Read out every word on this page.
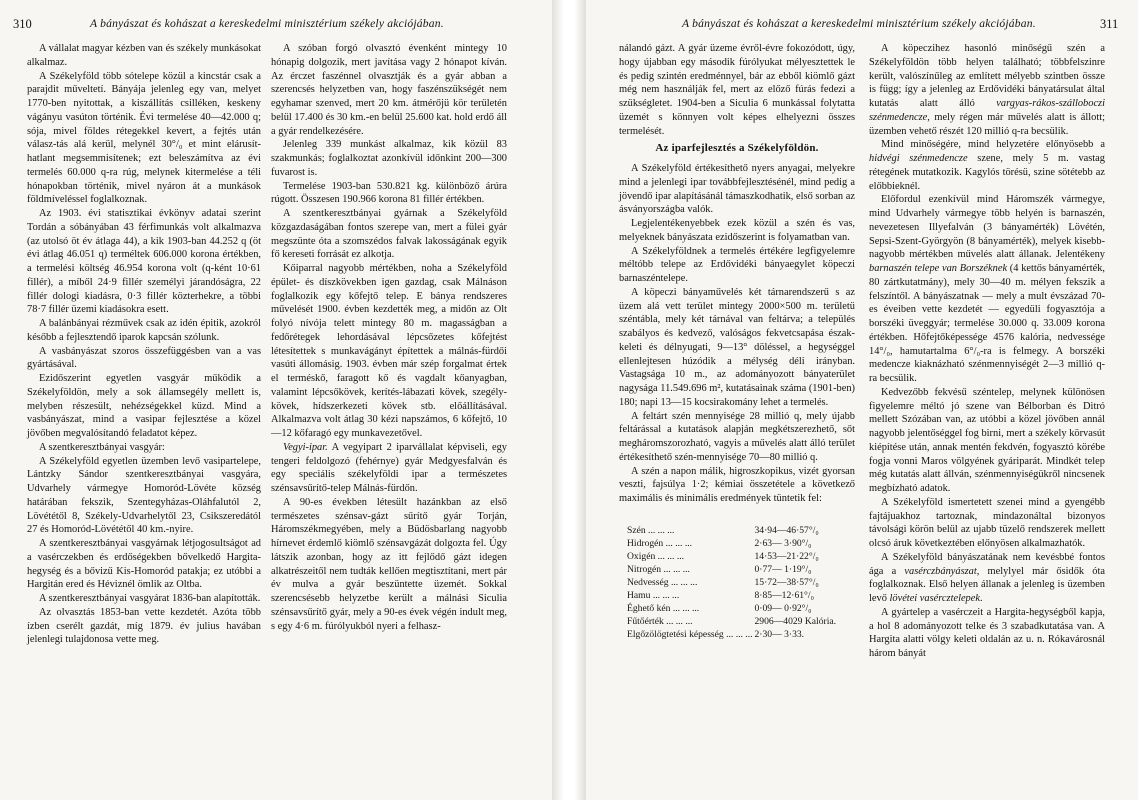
310	A bányászat és kohászat a kereskedelmi minisztérium székely akciójában.

A vállalat magyar kézben van és székely munkásokat alkalmaz.

A Székelyföld több sótelepe közül a kincstár csak a parajdit műveltetí. Bányája jelenleg egy van, melyet 1770-ben nyitottak, a kiszállítás csilléken, keskeny vágányu vasúton történik. Évi termelése 40—42.000 q; sója, mivel földes rétegekkel kevert, a fejtés után válasz-tás alá kerül, melynél 30°/₀ et mint elárusít-hatlant megsemmisítenek; ezt beleszámítva az évi termelés 60.000 q-ra rúg, melynek kitermelése a téli hónapokban történik, mivel nyáron át a munkások földmíveléssel foglalkoznak.

Az 1903. évi statisztikai évkönyv adatai szerint Tordán a sóbányában 43 férfimunkás volt alkalmazva (az utolsó öt év átlaga 44), a kik 1903-ban 44.252 q (öt évi átlag 46.051 q) terméltek 606.000 korona értékben, a termelési költség 46.954 korona volt (q-ként 10·61 fillér), a míből 24·9 fillér személyi járandóságra, 22 fillér dologi kiadásra, 0·3 fillér közterhekre, a többi 78·7 fillér üzemi kiadásokra esett.

A balánbányai rézművek csak az idén épitik, azokról később a fejlesztendő iparok kapcsán szólunk.

A vasbányászat szoros összefüggésben van a vas gyártásával.

Ezidőszerint egyetlen vasgyár működik a Székelyföldön, mely a sok államsegély mellett is, melyben részesült, nehézségekkel küzd. Mind a vasbányászat, mind a vasipar fejlesztése a közel jövőben megvalósítandó feladatot képez.

A szentkeresztbányai vasgyár:

A Székelyföld egyetlen üzemben levő vasipartelepe, Lántzky Sándor szentkeresztbányai vasgyára, Udvarhely vármegye Homoród-Lövéte község határában fekszik, Szentegyházas-Oláhfalutól 2, Lövététől 8, Székely-Udvarhelytől 23, Csikszeredától 27 és Homoród-Lövététől 40 km.-nyire.

A szentkeresztbányai vasgyárnak létjogosultságot ad a vasérczekben és erdőségekben bővelkedő Hargita-hegység és a bővizű Kis-Homoród patakja; ez utóbbi a Hargitán ered és Héviznél ömlik az Oltba.

A szentkeresztbányai vasgyárat 1836-ban alapították.

Az olvasztás 1853-ban vette kezdetét. Azóta több ízben cserélt gazdát, míg 1879. év julius havában jelenlegi tulajdonosa vette meg.

A szóban forgó olvasztó évenként mintegy 10 hónapig dolgozik, mert javítása vagy 2 hónapot kíván. Az érczet faszénnel olvasztják és a gyár abban a szerencsés helyzetben van, hogy faszénszükségét nem egyhamar szenved, mert 20 km. átmérőjü kör területén belül 17.400 és 30 km.-en belül 25.600 kat. hold erdő áll a gyár rendelkezésére.

Jelenleg 339 munkást alkalmaz, kik közül 83 szakmunkás; foglalkoztat azonkívül időnkint 200—300 fuvarost is.

Termelése 1903-ban 530.821 kg. különböző árúra rúgott. Összesen 190.966 korona 81 fillér értékben.

A szentkeresztbányai gyárnak a Székelyföld közgazdaságában fontos szerepe van, mert a fülei gyár megszünte óta a szomszédos falvak lakosságának egyik fő kereseti forrását ez alkotja.

Kőiparral nagyobb mértékben, noha a Székelyföld épület- és díszkövekben igen gazdag, csak Málnáson foglalkozik egy kőfejtő telep. E bánya rendszeres művelését 1900. évben kezdették meg, a midőn az Olt folyó nívója telett mintegy 80 m. magasságban a fedőrétegek lehordásával lépcsőzetes kőfejtést létesítettek s munkavágányt építettek a málnás-fürdői vasúti állomásig. 1903. évben már szép forgalmat értek el terméskő, faragott kő és vagdalt kőanyagban, valamint lépcsőkövek, kerítés-lábazati kövek, szegély-kövek, hídszerkezeti kövek stb. előállításával. Alkalmazva volt átlag 30 kézi napszámos, 6 kőfejtő, 10—12 kőfaragó egy munkavezetővel.

Vegyi-ipar. A vegyipart 2 iparvállalat képviseli, egy tengeri feldolgozó (fehérnye) gyár Medgyesfalván és egy speciális székelyföldi ipar a természetes szénsavsűrítő-telep Málnás-fürdőn.

A 90-es években létesült hazánkban az első természetes szénsav-gázt sűrítő gyár Torján, Háromszékmegyében, mely a Büdösbarlang nagyobb hírnevet érdemlő kiömlő szénsavgázát dolgozta fel. Úgy látszik azonban, hogy az itt fejlődő gázt idegen alkatrészeitől nem tudták kellően megtisztítani, mert pár év mulva a gyár beszüntette üzemét. Sokkal szerencsésebb helyzetbe került a málnási Siculia szénsavsűrítő gyár, mely a 90-es évek végén indult meg, s egy 4·6 m. fúrólyukból nyeri a felhasz-

A bányászat és kohászat a kereskedelmi minisztérium székely akciójában.	311

nálandó gázt. A gyár üzeme évről-évre fokozódott, úgy, hogy újabban egy második fúrólyukat mélyesztettek le és pedig szintén eredménnyel, bár az ebből kiömlő gázt még nem használják fel, mert az előző fúrás fedezi a szükségletet. 1904-ben a Siculia 6 munkással folytatta üzemét s könnyen volt képes elhelyezni összes termelését.

Az iparfejlesztés a Székelyföldön.

A Székelyföld értékesíthető nyers anyagai, melyekre mind a jelenlegi ipar továbbfejlesztésénél, mind pedig a jövendő ipar alapításánál támaszkodhatik, első sorban az ásványországba valók.

Legjelentékenyebbek ezek közül a szén és vas, melyeknek bányászata ezidőszerint is folyamatban van.

A Székelyföldnek a termelés értékére legfigyelemre méltóbb telepe az Erdővidéki bányaegylet köpeczi barnaszéntelepe.

A köpeczi bányaművelés két tárnarendszerű s az üzem alá vett terület mintegy 2000×500 m. területü széntábla, mely két tárnával van feltárva; a település szabályos és kedvező, valóságos fekvetcsapása észak-keleti és délnyugati, 9—13° döléssel, a hegységgel ellenlejtesen húzódik a mélység déli irányban. Vastagsága 10 m., az adományozott bányaterület nagysága 11.549.696 m², kutatásainak száma (1901-ben) 180; napi 13—15 kocsirakomány lehet a termelés.

A feltárt szén mennyisége 28 millió q, mely újabb feltárással a kutatások alapján megkétszerezhető, sőt megháromszorozható, vagyis a művelés alatt álló terület értékesíthető szén-mennyisége 70—80 millió q.

A szén a napon málik, higroszkopikus, vizét gyorsan veszti, fajsúlya 1·2; kémiai összetétele a következő maximális és minimális eredmények tüntetik fel:

Szén ... ... ...	34·94—46·57°/₀
Hidrogén ... ... ...	2·63— 3·90°/₀
Oxigén ... ... ...	14·53—21·22°/₀
Nitrogén ... ... ...	0·77— 1·19°/₀
Nedvesség ... ... ...	15·72—38·57°/₀
Hamu ... ... ...	8·85—12·61°/₀
Éghető kén ... ... ...	0·09— 0·92°/₀
Fűtőérték ... ... ...	2906—4029 Kalória.
Elgőzölögtetési képesség ... ... ...	2·30— 3·33.

A köpeczihez hasonló minőségű szén a Székelyföldön több helyen található; többfelszinre került, valószínűleg az említett mélyebb szintben össze is függ; így a jelenleg az Erdővidéki bányatársulat által kutatás alatt álló vargyas-rákos-szálloboczi szénmedencze, mely régen már művelés alatt is állott; üzemben vehető részét 120 millió q-ra becsülik.

Mind minőségére, mind helyzetére előnyösebb a hidvégi szénmedencze szene, mely 5 m. vastag rétegének mutatkozik. Kagylós törésü, szine sötétebb az előbbieknél.

Előfordul ezenkívül mind Háromszék vármegye, mind Udvarhely vármegye több helyén is barnaszén, nevezetesen Illyefalván (3 bányamérték) Lövétén, Sepsi-Szent-Györgyön (8 bányamérték), melyek kisebb-nagyobb mértékben művelés alatt állanak. Jelentékeny barnaszén telepe van Borszéknek (4 kettős bányamérték, 80 zártkutatmány), mely 30—40 m. mélyen fekszik a felszíntől. A bányászatnak — mely a mult évszázad 70-es éveiben vette kezdetét — egyedüli fogyasztója a borszéki üveggyár; termelése 30.000 q. 33.009 korona értékben. Hőfejtőképessége 4576 kalória, nedvessége 14°/₀, hamutartalma 6°/₀-ra is felmegy. A borszéki medencze kiaknázható szénmennyiségét 2—3 millió q-ra becsülik.

Kedvezőbb fekvésű széntelep, melynek különösen figyelemre méltó jó szene van Bélborban és Ditró mellett Szózában van, az utóbbi a közel jövőben annál nagyobb jelentőséggel fog birni, mert a székely körvasút kiépítése után, annak mentén fekdvén, fogyasztó körébe fogja vonni Maros völgyének gyáriparát. Mindkét telep még kutatás alatt állván, szénmennyiségükről nincsenek megbízható adatok.

A Székelyföld ismertetett szenei mind a gyengébb fajtájuakhoz tartoznak, mindazonáltal bizonyos távolsági körön belül az ujabb tüzelő rendszerek mellett olcsó áruk következtében előnyösen alkalmazhatók.

A Székelyföld bányászatának nem kevésbbé fontos ága a vasérczbányászat, melylyel már ősidők óta foglalkoznak. Első helyen állanak a jelenleg is üzemben levő lövétei vasércztelepek.

A gyártelep a vasérczeit a Hargita-hegységből kapja, a hol 8 adományozott telke és 3 szabadkutatása van. A Hargita alatti völgy keleti oldalán az u. n. Rókavárosnál három bányát
